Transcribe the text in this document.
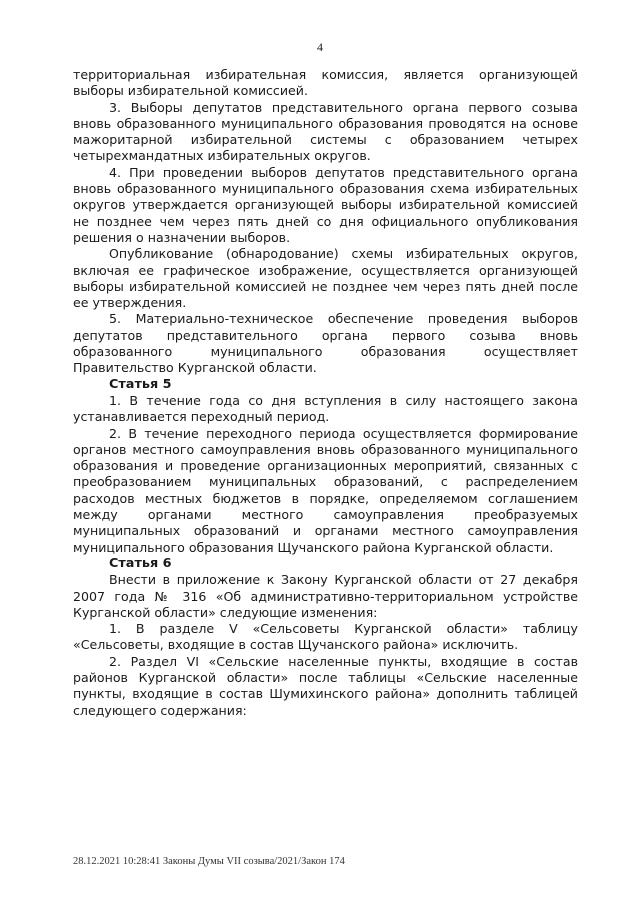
4

территориальная избирательная комиссия, является организующей выборы избирательной комиссией.

3. Выборы депутатов представительного органа первого созыва вновь образованного муниципального образования проводятся на основе мажоритарной избирательной системы с образованием четырех четырехмандатных избирательных округов.

4. При проведении выборов депутатов представительного органа вновь образованного муниципального образования схема избирательных округов утверждается организующей выборы избирательной комиссией не позднее чем через пять дней со дня официального опубликования решения о назначении выборов.

Опубликование (обнародование) схемы избирательных округов, включая ее графическое изображение, осуществляется организующей выборы избирательной комиссией не позднее чем через пять дней после ее утверждения.

5. Материально-техническое обеспечение проведения выборов депутатов представительного органа первого созыва вновь образованного муниципального образования осуществляет Правительство Курганской области.

Статья 5

1. В течение года со дня вступления в силу настоящего закона устанавливается переходный период.

2. В течение переходного периода осуществляется формирование органов местного самоуправления вновь образованного муниципального образования и проведение организационных мероприятий, связанных с преобразованием муниципальных образований, с распределением расходов местных бюджетов в порядке, определяемом соглашением между органами местного самоуправления преобразуемых муниципальных образований и органами местного самоуправления муниципального образования Щучанского района Курганской области.

Статья 6

Внести в приложение к Закону Курганской области от 27 декабря 2007 года № 316 «Об административно-территориальном устройстве Курганской области» следующие изменения:

1. В разделе V «Сельсоветы Курганской области» таблицу «Сельсоветы, входящие в состав Щучанского района» исключить.

2. Раздел VI «Сельские населенные пункты, входящие в состав районов Курганской области» после таблицы «Сельские населенные пункты, входящие в состав Шумихинского района» дополнить таблицей следующего содержания:

28.12.2021 10:28:41 Законы Думы VII созыва/2021/Закон 174
